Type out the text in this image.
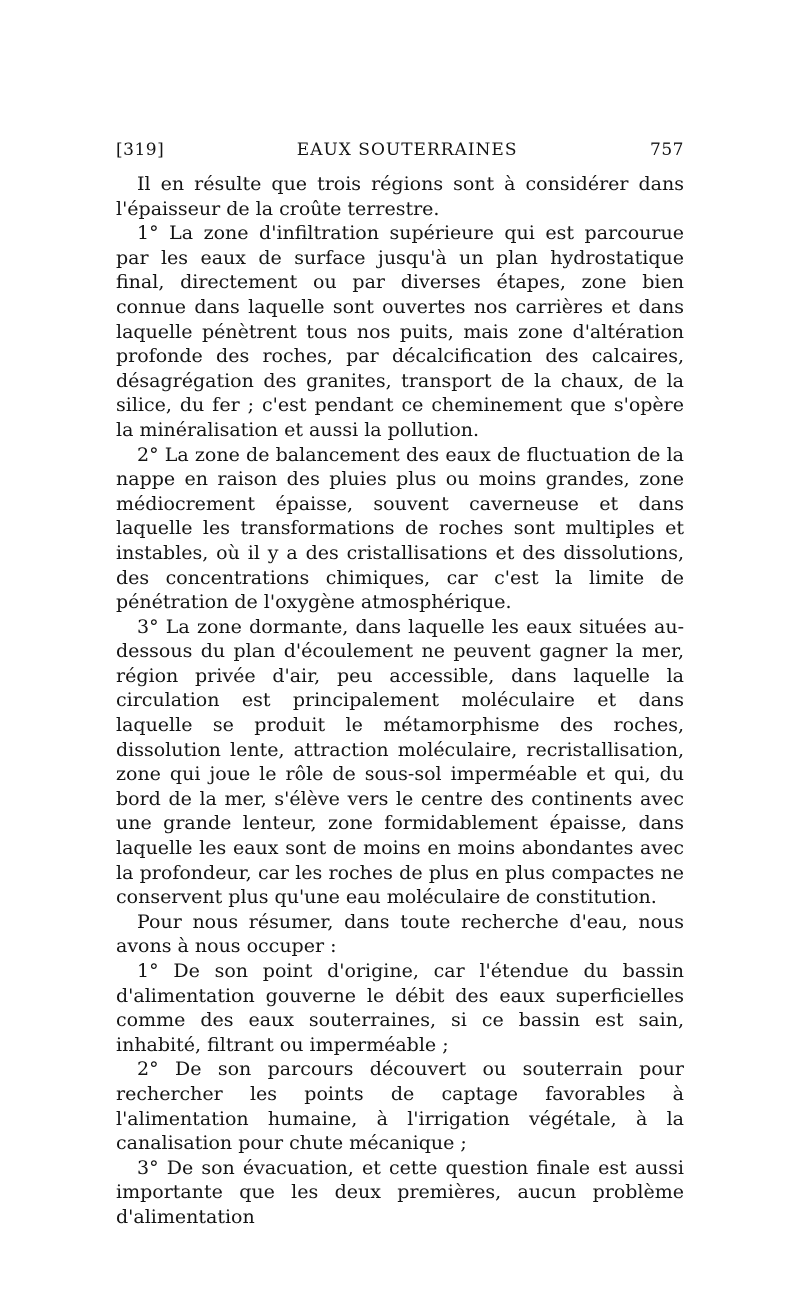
[319]	EAUX SOUTERRAINES	757

Il en résulte que trois régions sont à considérer dans l'épaisseur de la croûte terrestre.

1° La zone d'infiltration supérieure qui est parcourue par les eaux de surface jusqu'à un plan hydrostatique final, directement ou par diverses étapes, zone bien connue dans laquelle sont ouvertes nos carrières et dans laquelle pénètrent tous nos puits, mais zone d'altération profonde des roches, par décalcification des calcaires, désagrégation des granites, transport de la chaux, de la silice, du fer ; c'est pendant ce cheminement que s'opère la minéralisation et aussi la pollution.

2° La zone de balancement des eaux de fluctuation de la nappe en raison des pluies plus ou moins grandes, zone médiocrement épaisse, souvent caverneuse et dans laquelle les transformations de roches sont multiples et instables, où il y a des cristallisations et des dissolutions, des concentrations chimiques, car c'est la limite de pénétration de l'oxygène atmosphérique.

3° La zone dormante, dans laquelle les eaux situées au-dessous du plan d'écoulement ne peuvent gagner la mer, région privée d'air, peu accessible, dans laquelle la circulation est principalement moléculaire et dans laquelle se produit le métamorphisme des roches, dissolution lente, attraction moléculaire, recristallisation, zone qui joue le rôle de sous-sol imperméable et qui, du bord de la mer, s'élève vers le centre des continents avec une grande lenteur, zone formidablement épaisse, dans laquelle les eaux sont de moins en moins abondantes avec la profondeur, car les roches de plus en plus compactes ne conservent plus qu'une eau moléculaire de constitution.

Pour nous résumer, dans toute recherche d'eau, nous avons à nous occuper :

1° De son point d'origine, car l'étendue du bassin d'alimentation gouverne le débit des eaux superficielles comme des eaux souterraines, si ce bassin est sain, inhabité, filtrant ou imperméable ;

2° De son parcours découvert ou souterrain pour rechercher les points de captage favorables à l'alimentation humaine, à l'irrigation végétale, à la canalisation pour chute mécanique ;

3° De son évacuation, et cette question finale est aussi importante que les deux premières, aucun problème d'alimentation
